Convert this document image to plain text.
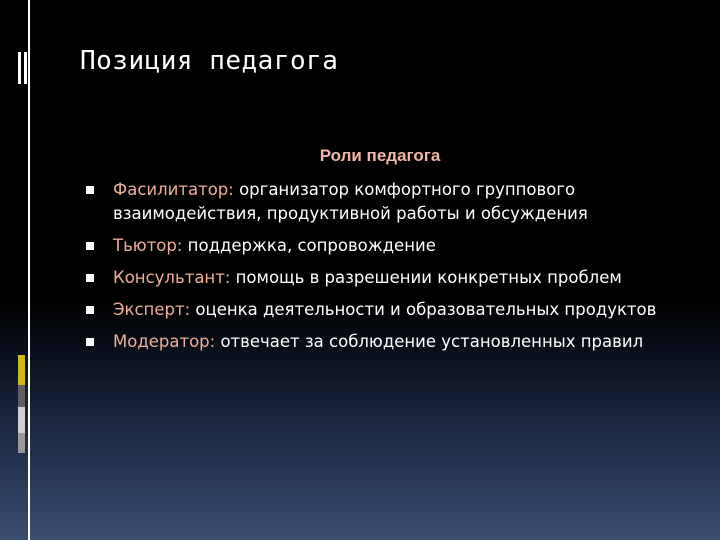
Позиция педагога
Роли педагога
Фасилитатор: организатор комфортного группового взаимодействия, продуктивной работы и обсуждения
Тьютор: поддержка, сопровождение
Консультант: помощь в разрешении конкретных проблем
Эксперт: оценка деятельности и образовательных продуктов
Модератор: отвечает за соблюдение установленных правил
